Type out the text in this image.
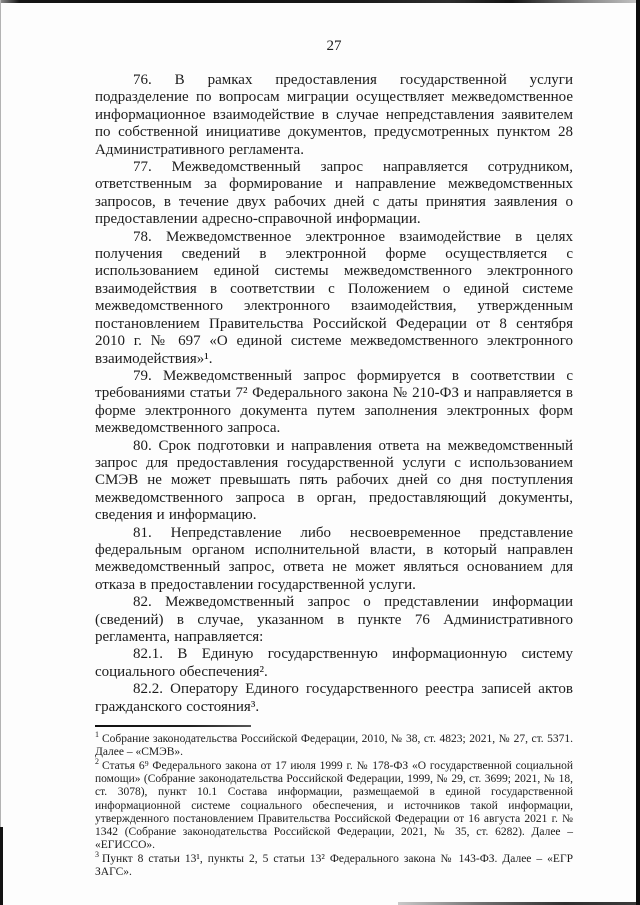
27

76. В рамках предоставления государственной услуги подразделение по вопросам миграции осуществляет межведомственное информационное взаимодействие в случае непредставления заявителем по собственной инициативе документов, предусмотренных пунктом 28 Административного регламента.

77. Межведомственный запрос направляется сотрудником, ответственным за формирование и направление межведомственных запросов, в течение двух рабочих дней с даты принятия заявления о предоставлении адресно-справочной информации.

78. Межведомственное электронное взаимодействие в целях получения сведений в электронной форме осуществляется с использованием единой системы межведомственного электронного взаимодействия в соответствии с Положением о единой системе межведомственного электронного взаимодействия, утвержденным постановлением Правительства Российской Федерации от 8 сентября 2010 г. № 697 «О единой системе межведомственного электронного взаимодействия»¹.

79. Межведомственный запрос формируется в соответствии с требованиями статьи 7² Федерального закона № 210-ФЗ и направляется в форме электронного документа путем заполнения электронных форм межведомственного запроса.

80. Срок подготовки и направления ответа на межведомственный запрос для предоставления государственной услуги с использованием СМЭВ не может превышать пять рабочих дней со дня поступления межведомственного запроса в орган, предоставляющий документы, сведения и информацию.

81. Непредставление либо несвоевременное представление федеральным органом исполнительной власти, в который направлен межведомственный запрос, ответа не может являться основанием для отказа в предоставлении государственной услуги.

82. Межведомственный запрос о представлении информации (сведений) в случае, указанном в пункте 76 Административного регламента, направляется:

82.1. В Единую государственную информационную систему социального обеспечения².

82.2. Оператору Единого государственного реестра записей актов гражданского состояния³.

$^1$ Собрание законодательства Российской Федерации, 2010, № 38, ст. 4823; 2021, № 27, ст. 5371. Далее – «СМЭВ».

$^2$ Статья 6⁹ Федерального закона от 17 июля 1999 г. № 178-ФЗ «О государственной социальной помощи» (Собрание законодательства Российской Федерации, 1999, № 29, ст. 3699; 2021, № 18, ст. 3078), пункт 10.1 Состава информации, размещаемой в единой государственной информационной системе социального обеспечения, и источников такой информации, утвержденного постановлением Правительства Российской Федерации от 16 августа 2021 г. № 1342 (Собрание законодательства Российской Федерации, 2021, № 35, ст. 6282). Далее – «ЕГИССО».

$^3$ Пункт 8 статьи 13¹, пункты 2, 5 статьи 13² Федерального закона № 143-ФЗ. Далее – «ЕГР ЗАГС».
